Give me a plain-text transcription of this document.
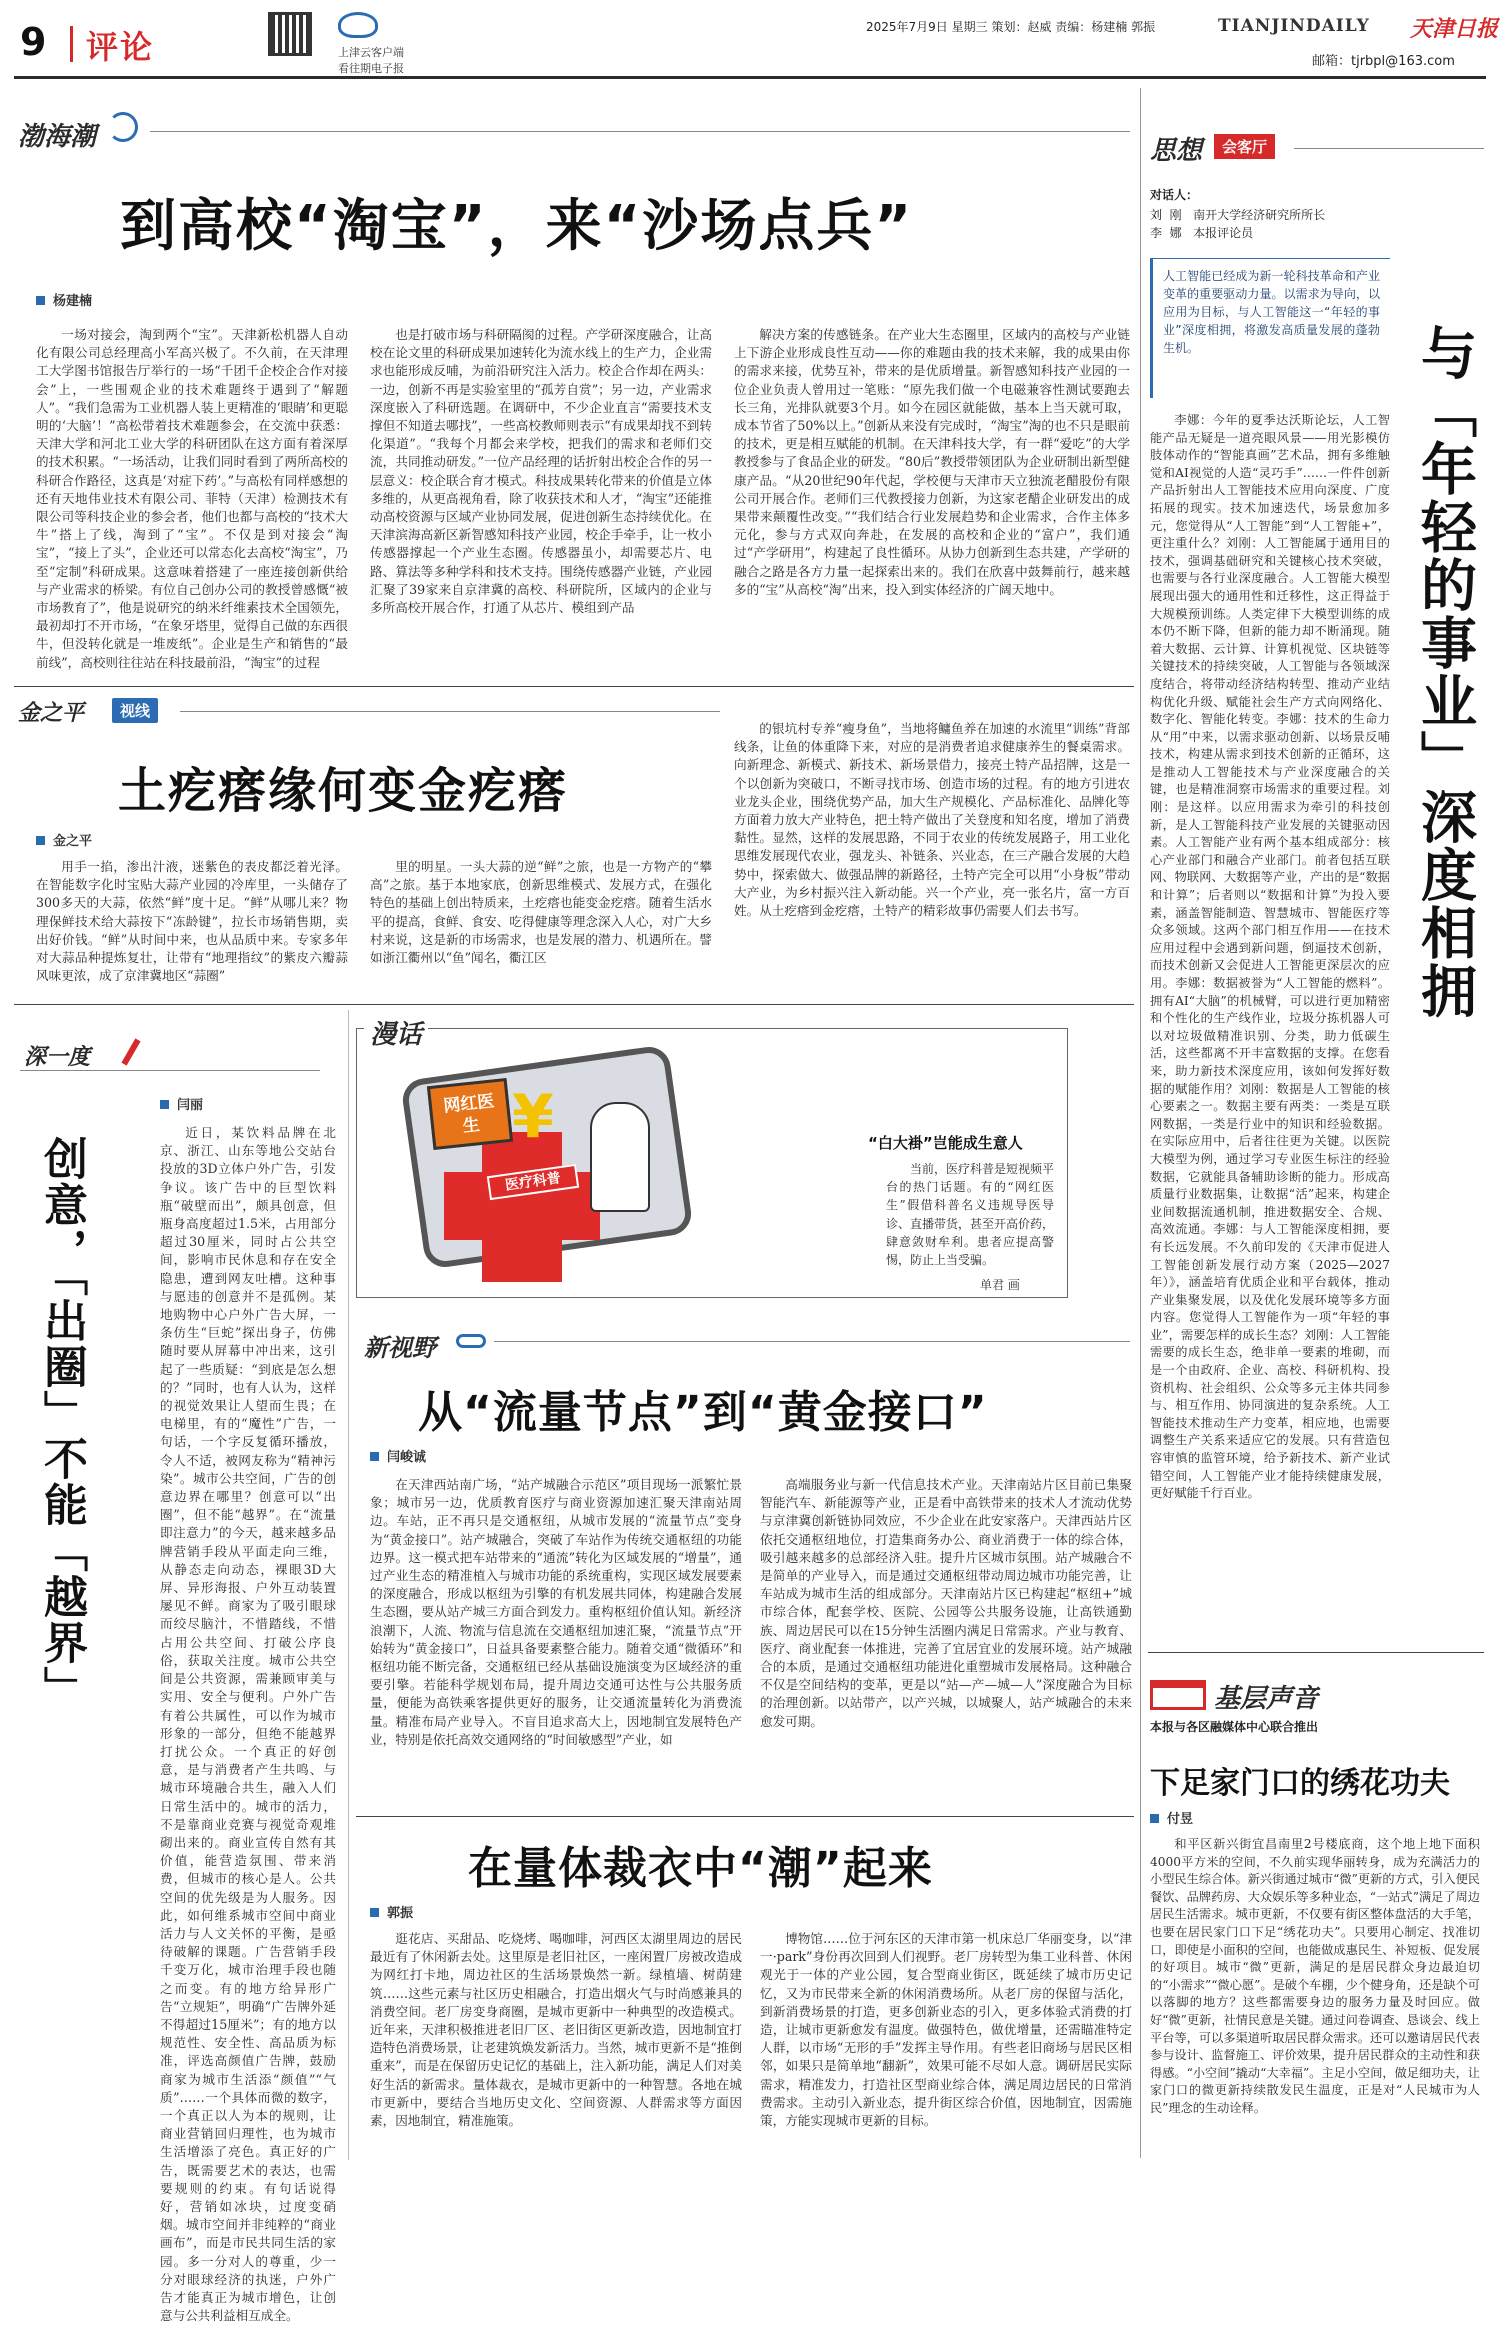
9 评论	上津云客户端
看往期电子报
2025年7月9日 星期三 策划：赵威 责编：杨建楠 郭振	TIANJINDAILY 天津日报
邮箱：tjrbpl@163.com
渤海潮
到高校“淘宝”，来“沙场点兵”
杨建楠
一场对接会，淘到两个“宝”。天津新松机器人自动化有限公司总经理高小军高兴极了。不久前，在天津理工大学图书馆报告厅举行的一场“千团千企校企合作对接会”上，一些围观企业的技术难题终于遇到了“解题人”。“我们急需为工业机器人装上更精准的‘眼睛’和更聪明的‘大脑’！”高松带着技术难题参会，在交流中获悉：天津大学和河北工业大学的科研团队在这方面有着深厚的技术积累。“一场活动，让我们同时看到了两所高校的科研合作路径，这真是‘对症下药’。”与高松有同样感想的还有天地伟业技术有限公司、菲特（天津）检测技术有限公司等科技企业的参会者，他们也都与高校的“技术大牛”搭上了线，淘到了“宝”。不仅是到对接会“淘宝”，“接上了头”，企业还可以常态化去高校“淘宝”，乃至“定制”科研成果。这意味着搭建了一座连接创新供给与产业需求的桥梁。有位自己创办公司的教授曾感慨“被市场教育了”，他是说研究的纳米纤维素技术全国领先，最初却打不开市场，“在象牙塔里，觉得自己做的东西很牛，但没转化就是一堆废纸”。企业是生产和销售的“最前线”，高校则往往站在科技最前沿，“淘宝”的过程
也是打破市场与科研隔阂的过程。产学研深度融合，让高校在论文里的科研成果加速转化为流水线上的生产力，企业需求也能形成反哺，为前沿研究注入活力。校企合作却在两头：一边，创新不再是实验室里的“孤芳自赏”；另一边，产业需求深度嵌入了科研选题。在调研中，不少企业直言“需要技术支撑但不知道去哪找”，一些高校教师则表示“有成果却找不到转化渠道”。“我每个月都会来学校，把我们的需求和老师们交流，共同推动研发。”一位产品经理的话折射出校企合作的另一层意义：校企联合育才模式。科技成果转化带来的价值是立体多维的，从更高视角看，除了收获技术和人才，“淘宝”还能推动高校资源与区域产业协同发展，促进创新生态持续优化。在天津滨海高新区新智感知科技产业园，校企手牵手，让一枚小传感器撑起一个产业生态圈。传感器虽小，却需要芯片、电路、算法等多种学科和技术支持。围绕传感器产业链，产业园汇聚了39家来自京津冀的高校、科研院所，区域内的企业与多所高校开展合作，打通了从芯片、模组到产品
解决方案的传感链条。在产业大生态圈里，区域内的高校与产业链上下游企业形成良性互动——你的难题由我的技术来解，我的成果由你的需求来接，优势互补，带来的是优质增量。新智感知科技产业园的一位企业负责人曾用过一笔账：“原先我们做一个电磁兼容性测试要跑去长三角，光排队就要3个月。如今在园区就能做，基本上当天就可取，成本节省了50%以上。”创新从来没有完成时，“淘宝”淘的也不只是眼前的技术，更是相互赋能的机制。在天津科技大学，有一群“爱吃”的大学教授参与了食品企业的研发。“80后”教授带领团队为企业研制出新型健康产品。“从20世纪90年代起，学校便与天津市天立独流老醋股份有限公司开展合作。老师们三代教授接力创新，为这家老醋企业研发出的成果带来颠覆性改变。”“我们结合行业发展趋势和企业需求，合作主体多元化，参与方式双向奔赴，在发展的高校和企业的“富户”，我们通过“产学研用”，构建起了良性循环。从协力创新到生态共建，产学研的融合之路是各方力量一起探索出来的。我们在欣喜中鼓舞前行，越来越多的“宝”从高校“淘”出来，投入到实体经济的广阔天地中。
金之平	视线
土疙瘩缘何变金疙瘩
金之平
用手一掐，渗出汁液，迷紫色的表皮都泛着光泽。在智能数字化时宝贴大蒜产业园的冷库里，一头储存了300多天的大蒜，依然“鲜”度十足。“鲜”从哪儿来？物理保鲜技术给大蒜按下“冻龄键”，拉长市场销售期，卖出好价钱。“鲜”从时间中来，也从品质中来。专家多年对大蒜品种提炼复壮，让带有“地理指纹”的紫皮六瓣蒜风味更浓，成了京津冀地区“蒜圈”
里的明星。一头大蒜的逆“鲜”之旅，也是一方物产的“攀高”之旅。基于本地家底，创新思维模式、发展方式，在强化特色的基础上创出特质来，土疙瘩也能变金疙瘩。随着生活水平的提高，食鲜、食安、吃得健康等理念深入人心，对广大乡村来说，这是新的市场需求，也是发展的潜力、机遇所在。譬如浙江衢州以“鱼”闻名，衢江区
的银坑村专养“瘦身鱼”，当地将鳙鱼养在加速的水流里“训练”背部线条，让鱼的体重降下来，对应的是消费者追求健康养生的餐桌需求。向新理念、新模式、新技术、新场景借力，接亮土特产品招牌，这是一个以创新为突破口，不断寻找市场、创造市场的过程。有的地方引进农业龙头企业，围绕优势产品，加大生产规模化、产品标准化、品牌化等方面着力放大产业特色，把土特产做出了关登度和知名度，增加了消费黏性。显然，这样的发展思路，不同于农业的传统发展路子，用工业化思维发展现代农业，强龙头、补链条、兴业态，在三产融合发展的大趋势中，探索做大、做强品牌的新路径，土特产完全可以用“小身板”带动大产业，为乡村振兴注入新动能。兴一个产业，亮一张名片，富一方百姓。从土疙瘩到金疙瘩，土特产的精彩故事仍需要人们去书写。
深一度
闫丽
创意，「出圈」不能「越界」
近日，某饮料品牌在北京、浙江、山东等地公交站台投放的3D立体户外广告，引发争议。该广告中的巨型饮料瓶“破壁而出”，颇具创意，但瓶身高度超过1.5米，占用部分超过30厘米，同时占公共空间，影响市民休息和存在安全隐患，遭到网友吐槽。这种事与愿违的创意并不是孤例。某地购物中心户外广告大屏，一条仿生“巨蛇”探出身子，仿佛随时要从屏幕中冲出来，这引起了一些质疑：“到底是怎么想的？”同时，也有人认为，这样的视觉效果让人望而生畏；在电梯里，有的“魔性”广告，一句话，一个字反复循环播放，令人不适，被网友称为“精神污染”。城市公共空间，广告的创意边界在哪里？创意可以“出圈”，但不能“越界”。在“流量即注意力”的今天，越来越多品牌营销手段从平面走向三维，从静态走向动态，裸眼3D大屏、异形海报、户外互动装置屡见不鲜。商家为了吸引眼球而绞尽脑汁，不惜踏线，不惜占用公共空间、打破公序良俗，获取关注度。城市公共空间是公共资源，需兼顾审美与实用、安全与便利。户外广告有着公共属性，可以作为城市形象的一部分，但绝不能越界打扰公众。一个真正的好创意，是与消费者产生共鸣、与城市环境融合共生，融入人们日常生活中的。城市的活力，不是靠商业竞赛与视觉奇观堆砌出来的。商业宣传自然有其价值，能营造氛围、带来消费，但城市的核心是人。公共空间的优先级是为人服务。因此，如何维系城市空间中商业活力与人文关怀的平衡，是亟待破解的课题。广告营销手段千变万化，城市治理手段也随之而变。有的地方给异形广告“立规矩”，明确“广告牌外延不得超过15厘米”；有的地方以规范性、安全性、高品质为标准，评选高颜值广告牌，鼓励商家为城市生活添“颜值”“气质”……一个具体而微的数字，一个真正以人为本的规则，让商业营销回归理性，也为城市生活增添了亮色。真正好的广告，既需要艺术的表达，也需要规则的约束。有句话说得好，营销如冰块，过度变硝烟。城市空间并非纯粹的“商业画布”，而是市民共同生活的家园。多一分对人的尊重，少一分对眼球经济的执迷，户外广告才能真正为城市增色，让创意与公共利益相互成全。
漫话
网红医生 ¥
医疗科普
“白大褂”岂能成生意人
当前，医疗科普是短视频平台的热门话题。有的“网红医生”假借科普名义违规导医导诊、直播带货，甚至开高价药，肆意敛财牟利。患者应提高警惕，防止上当受骗。
单君 画
新视野
从“流量节点”到“黄金接口”
闫峻诚
在天津西站南广场，“站产城融合示范区”项目现场一派繁忙景象；城市另一边，优质教育医疗与商业资源加速汇聚天津南站周边。车站，正不再只是交通枢纽，从城市发展的“流量节点”变身为“黄金接口”。站产城融合，突破了车站作为传统交通枢纽的功能边界。这一模式把车站带来的“通流”转化为区域发展的“增量”，通过产业生态的精准植入与城市功能的系统重构，实现区域发展要素的深度融合，形成以枢纽为引擎的有机发展共同体，构建融合发展生态圈，要从站产城三方面合到发力。重构枢纽价值认知。新经济浪潮下，人流、物流与信息流在交通枢纽加速汇聚，“流量节点”开始转为“黄金接口”，日益具备要素整合能力。随着交通“微循环”和枢纽功能不断完备，交通枢纽已经从基础设施演变为区域经济的重要引擎。若能科学规划布局，提升周边交通可达性与公共服务质量，便能为高铁乘客提供更好的服务，让交通流量转化为消费流量。精准布局产业导入。不盲目追求高大上，因地制宜发展特色产业，特别是依托高效交通网络的“时间敏感型”产业，如
高端服务业与新一代信息技术产业。天津南站片区目前已集聚智能汽车、新能源等产业，正是看中高铁带来的技术人才流动优势与京津冀创新链协同效应，不少企业在此安家落户。天津西站片区依托交通枢纽地位，打造集商务办公、商业消费于一体的综合体，吸引越来越多的总部经济入驻。提升片区城市氛围。站产城融合不是简单的产业导入，而是通过交通枢纽带动周边城市功能完善，让车站成为城市生活的组成部分。天津南站片区已构建起“枢纽+”城市综合体，配套学校、医院、公园等公共服务设施，让高铁通勤族、周边居民可以在15分钟生活圈内满足日常需求。产业与教育、医疗、商业配套一体推进，完善了宜居宜业的发展环境。站产城融合的本质，是通过交通枢纽功能进化重塑城市发展格局。这种融合不仅是空间结构的变革，更是以“站—产—城—人”深度融合为目标的治理创新。以站带产，以产兴城，以城聚人，站产城融合的未来愈发可期。
在量体裁衣中“潮”起来
郭振
逛花店、买甜品、吃烧烤、喝咖啡，河西区太湖里周边的居民最近有了休闲新去处。这里原是老旧社区，一座闲置厂房被改造成为网红打卡地，周边社区的生活场景焕然一新。绿植墙、树荫建筑……这些元素与社区历史相融合，打造出烟火气与时尚感兼具的消费空间。老厂房变身商圈，是城市更新中一种典型的改造模式。近年来，天津积极推进老旧厂区、老旧街区更新改造，因地制宜打造特色消费场景，让老建筑焕发新活力。当然，城市更新不是“推倒重来”，而是在保留历史记忆的基础上，注入新功能，满足人们对美好生活的新需求。量体裁衣，是城市更新中的一种智慧。各地在城市更新中，要结合当地历史文化、空间资源、人群需求等方面因素，因地制宜，精准施策。
博物馆……位于河东区的天津市第一机床总厂华丽变身，以“津一·park”身份再次回到人们视野。老厂房转型为集工业科普、休闲观光于一体的产业公园，复合型商业街区，既延续了城市历史记忆，又为市民带来全新的休闲消费场所。从老厂房的保留与活化，到新消费场景的打造，更多创新业态的引入，更多体验式消费的打造，让城市更新愈发有温度。做强特色，做优增量，还需瞄准特定人群，以市场“无形的手”发挥主导作用。有些老旧商场与居民区相邻，如果只是简单地“翻新”，效果可能不尽如人意。调研居民实际需求，精准发力，打造社区型商业综合体，满足周边居民的日常消费需求。主动引入新业态，提升街区综合价值，因地制宜，因需施策，方能实现城市更新的目标。
思想	会客厅
对话人：
刘  刚   南开大学经济研究所所长
李  娜   本报评论员
人工智能已经成为新一轮科技革命和产业变革的重要驱动力量。以需求为导向，以应用为目标，与人工智能这一“年轻的事业”深度相拥，将激发高质量发展的蓬勃生机。	与「年轻的事业」深度相拥
李娜：今年的夏季达沃斯论坛，人工智能产品无疑是一道亮眼风景——用光影模仿肢体动作的“智能真画”艺术品，拥有多维触觉和AI视觉的人造“灵巧手”……一件件创新产品折射出人工智能技术应用向深度、广度拓展的现实。技术加速迭代，场景愈加多元，您觉得从“人工智能”到“人工智能+”，更注重什么？刘刚：人工智能属于通用目的技术，强调基础研究和关键核心技术突破，也需要与各行业深度融合。人工智能大模型展现出强大的通用性和迁移性，这正得益于大规模预训练。人类定律下大模型训练的成本仍不断下降，但新的能力却不断涌现。随着大数据、云计算、计算机视觉、区块链等关键技术的持续突破，人工智能与各领域深度结合，将带动经济结构转型、推动产业结构优化升级、赋能社会生产方式向网络化、数字化、智能化转变。李娜：技术的生命力从“用”中来，以需求驱动创新、以场景反哺技术，构建从需求到技术创新的正循环，这是推动人工智能技术与产业深度融合的关键，也是精准洞察市场需求的重要过程。刘刚：是这样。以应用需求为牵引的科技创新，是人工智能科技产业发展的关键驱动因素。人工智能产业有两个基本组成部分：核心产业部门和融合产业部门。前者包括互联网、物联网、大数据等产业，产出的是“数据和计算”；后者则以“数据和计算”为投入要素，涵盖智能制造、智慧城市、智能医疗等众多领域。这两个部门相互作用——在技术应用过程中会遇到新问题，倒逼技术创新，而技术创新又会促进人工智能更深层次的应用。李娜：数据被誉为“人工智能的燃料”。拥有AI“大脑”的机械臂，可以进行更加精密和个性化的生产线作业，垃圾分拣机器人可以对垃圾做精准识别、分类，助力低碳生活，这些都离不开丰富数据的支撑。在您看来，助力新技术深度应用，该如何发挥好数据的赋能作用？刘刚：数据是人工智能的核心要素之一。数据主要有两类：一类是互联网数据，一类是行业中的知识和经验数据。在实际应用中，后者往往更为关键。以医院大模型为例，通过学习专业医生标注的经验数据，它就能具备辅助诊断的能力。形成高质量行业数据集，让数据“活”起来，构建企业间数据流通机制，推进数据安全、合规、高效流通。李娜：与人工智能深度相拥，要有长远发展。不久前印发的《天津市促进人工智能创新发展行动方案（2025—2027年）》，涵盖培育优质企业和平台载体，推动产业集聚发展，以及优化发展环境等多方面内容。您觉得人工智能作为一项“年轻的事业”，需要怎样的成长生态？刘刚：人工智能需要的成长生态，绝非单一要素的堆砌，而是一个由政府、企业、高校、科研机构、投资机构、社会组织、公众等多元主体共同参与、相互作用、协同演进的复杂系统。人工智能技术推动生产力变革，相应地，也需要调整生产关系来适应它的发展。只有营造包容审慎的监管环境，给予新技术、新产业试错空间，人工智能产业才能持续健康发展，更好赋能千行百业。
基层声音
本报与各区融媒体中心联合推出
下足家门口的绣花功夫
付昱
和平区新兴街宜昌南里2号楼底商，这个地上地下面积4000平方米的空间，不久前实现华丽转身，成为充满活力的小型民生综合体。新兴街通过城市“微”更新的方式，引入便民餐饮、品牌药房、大众娱乐等多种业态，“一站式”满足了周边居民生活需求。城市更新，不仅要有街区整体盘活的大手笔，也要在居民家门口下足“绣花功夫”。只要用心制定、找准切口，即使是小面积的空间，也能做成惠民生、补短板、促发展的好项目。城市“微”更新，满足的是居民群众身边最迫切的“小需求”“微心愿”。是破个车棚，少个健身角，还是缺个可以落脚的地方？这些都需要身边的服务力量及时回应。做好“微”更新，社情民意是关键。通过问卷调查、恳谈会、线上平台等，可以多渠道听取居民群众需求。还可以邀请居民代表参与设计、监督施工、评价效果，提升居民群众的主动性和获得感。“小空间”撬动“大幸福”。主足小空间，做足细功夫，让家门口的微更新持续散发民生温度，正是对“人民城市为人民”理念的生动诠释。
